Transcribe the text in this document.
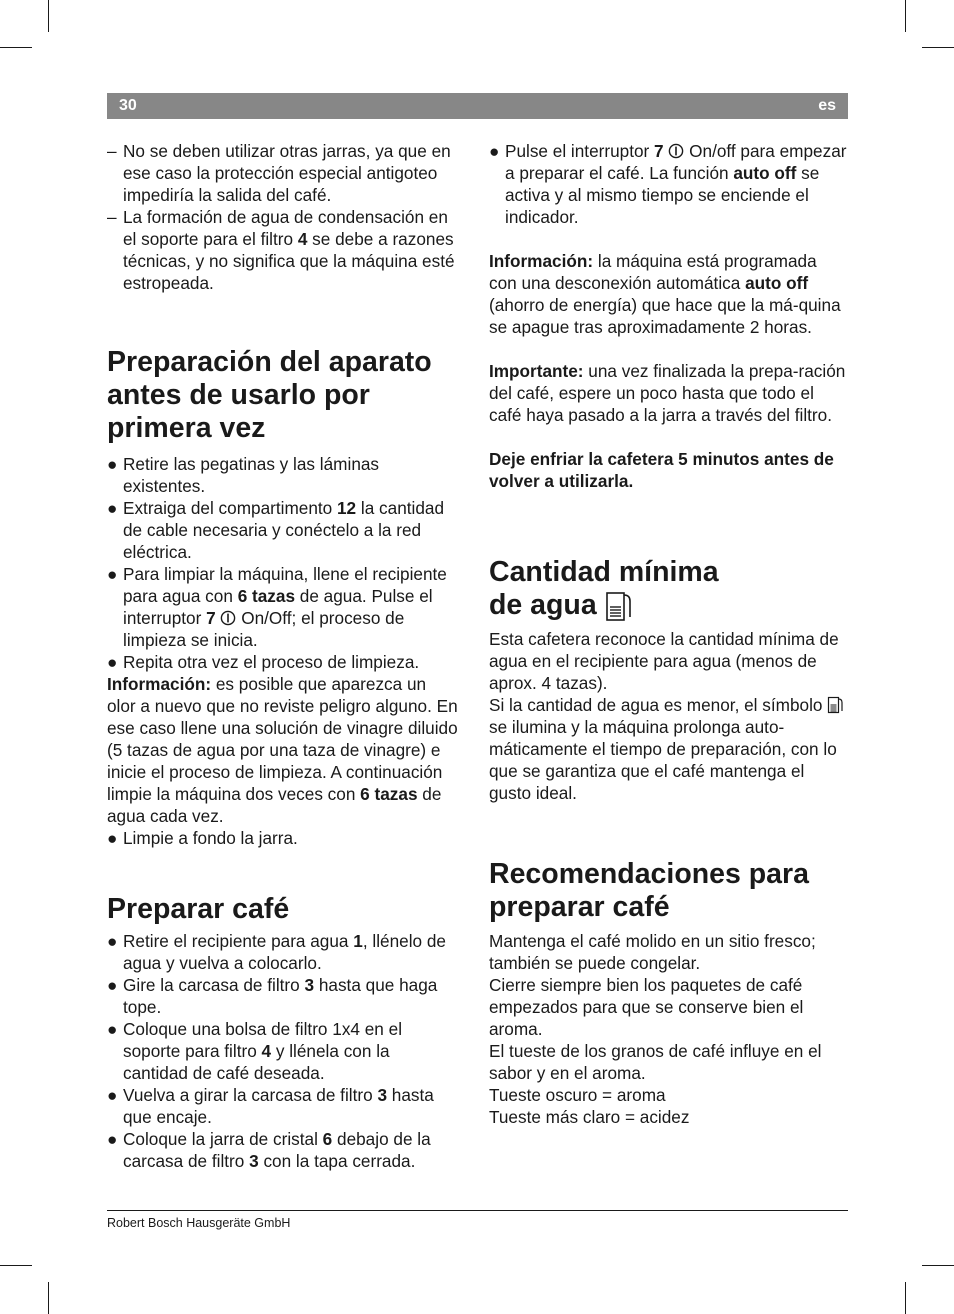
30	es
– No se deben utilizar otras jarras, ya que en ese caso la protección especial antigoteo impediría la salida del café.
– La formación de agua de condensación en el soporte para el filtro 4 se debe a razones técnicas, y no significa que la máquina esté estropeada.
Preparación del aparato antes de usarlo por primera vez
● Retire las pegatinas y las láminas existentes.
● Extraiga del compartimento 12 la cantidad de cable necesaria y conéctelo a la red eléctrica.
● Para limpiar la máquina, llene el recipiente para agua con 6 tazas de agua. Pulse el interruptor 7  On/Off; el proceso de limpieza se inicia.
● Repita otra vez el proceso de limpieza.

Información: es posible que aparezca un olor a nuevo que no reviste peligro alguno. En ese caso llene una solución de vinagre diluido (5 tazas de agua por una taza de vinagre) e inicie el proceso de limpieza. A continuación limpie la máquina dos veces con 6 tazas de agua cada vez.

● Limpie a fondo la jarra.
Preparar café
● Retire el recipiente para agua 1, llénelo de agua y vuelva a colocarlo.
● Gire la carcasa de filtro 3 hasta que haga tope.
● Coloque una bolsa de filtro 1x4 en el soporte para filtro 4 y llénela con la cantidad de café deseada.
● Vuelva a girar la carcasa de filtro 3 hasta que encaje.
● Coloque la jarra de cristal 6 debajo de la carcasa de filtro 3 con la tapa cerrada.
● Pulse el interruptor 7  On/off para empezar a preparar el café. La función auto off se activa y al mismo tiempo se enciende el indicador.

Información: la máquina está programada con una desconexión automática auto off (ahorro de energía) que hace que la má-quina se apague tras aproximadamente 2 horas.

Importante: una vez finalizada la prepa-ración del café, espere un poco hasta que todo el café haya pasado a la jarra a través del filtro.

Deje enfriar la cafetera 5 minutos antes de volver a utilizarla.

Cantidad mínima
de agua

Esta cafetera reconoce la cantidad mínima de agua en el recipiente para agua (menos de aprox. 4 tazas).

Si la cantidad de agua es menor, el símbolo  se ilumina y la máquina prolonga auto-máticamente el tiempo de preparación, con lo que se garantiza que el café mantenga el gusto ideal.

Recomendaciones para preparar café

Mantenga el café molido en un sitio fresco; también se puede congelar.

Cierre siempre bien los paquetes de café empezados para que se conserve bien el aroma.

El tueste de los granos de café influye en el sabor y en el aroma.

Tueste oscuro = aroma

Tueste más claro = acidez

Robert Bosch Hausgeräte GmbH
